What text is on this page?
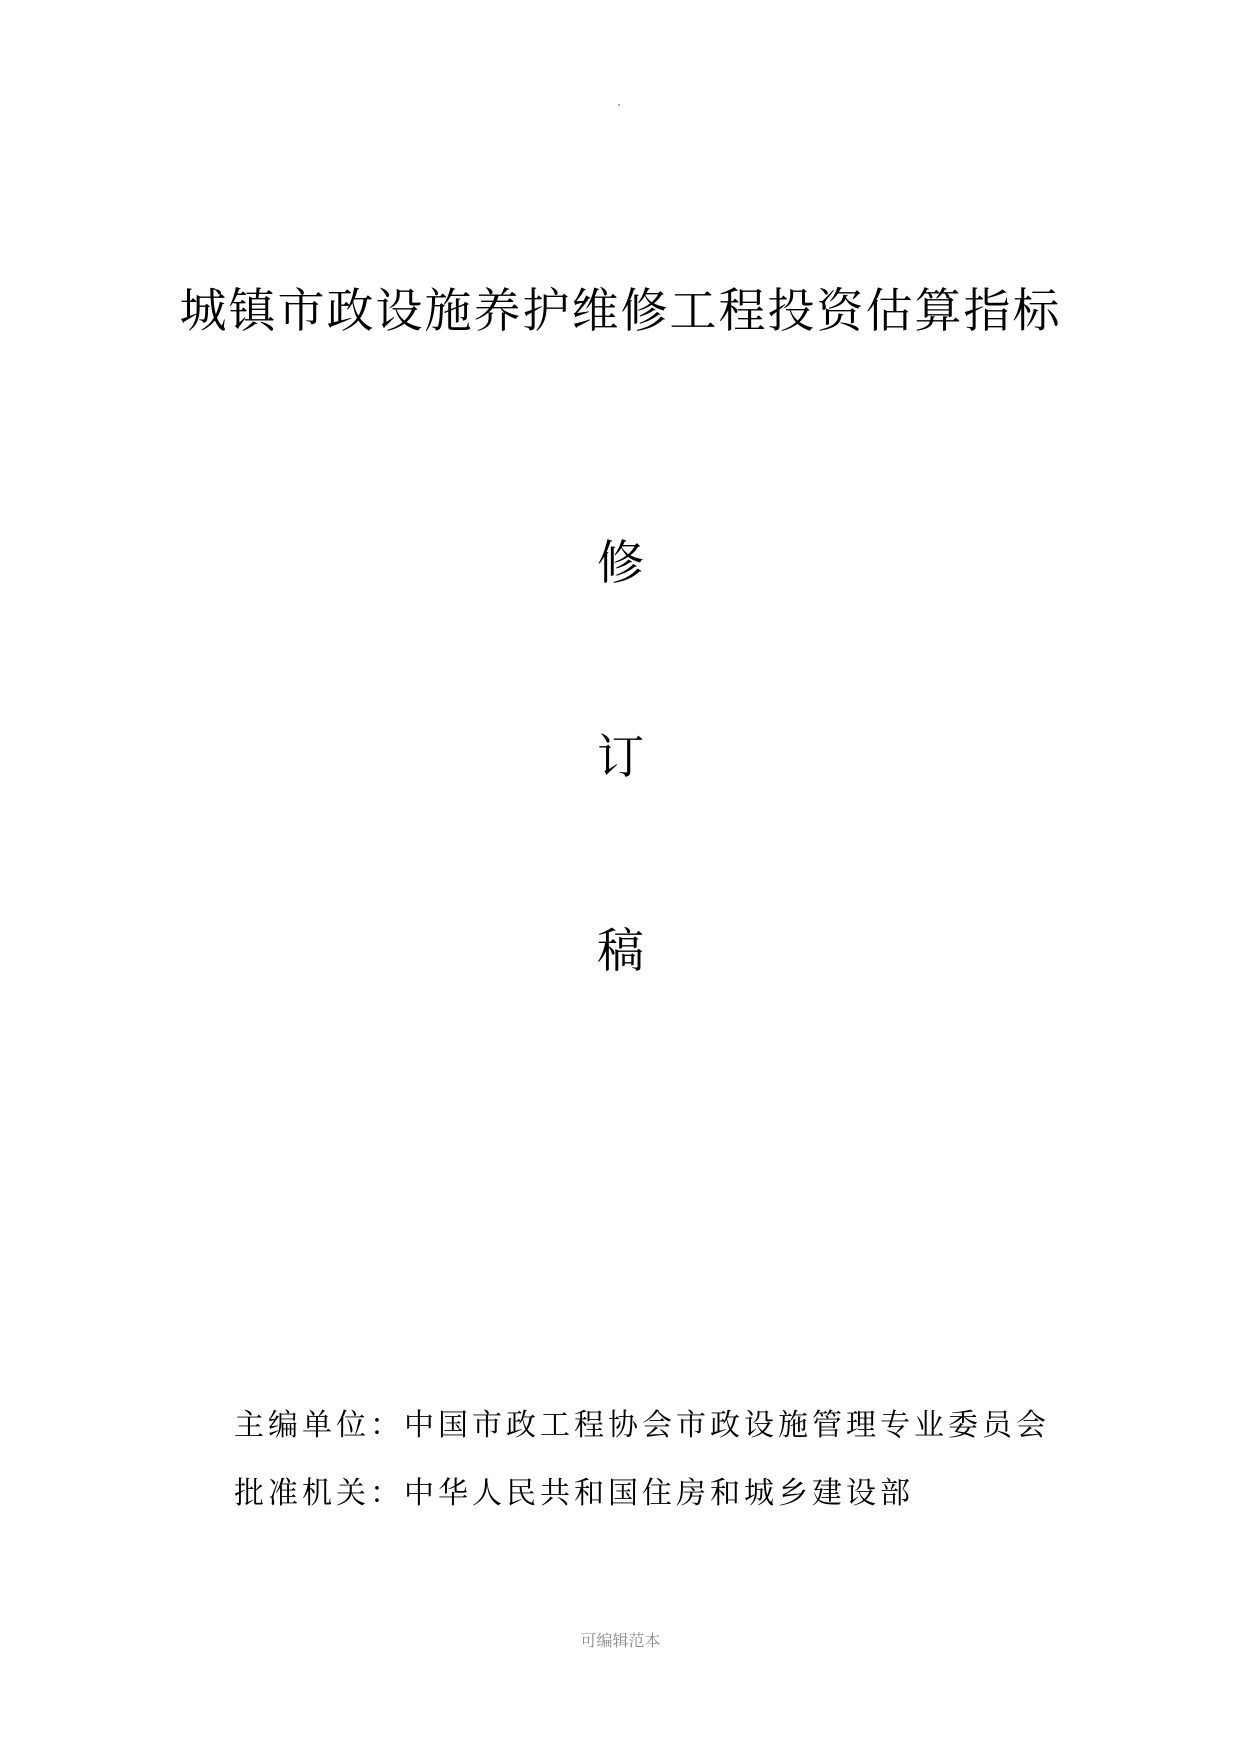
城镇市政设施养护维修工程投资估算指标
修
订
稿
主编单位：中国市政工程协会市政设施管理专业委员会
批准机关：中华人民共和国住房和城乡建设部
可编辑范本
